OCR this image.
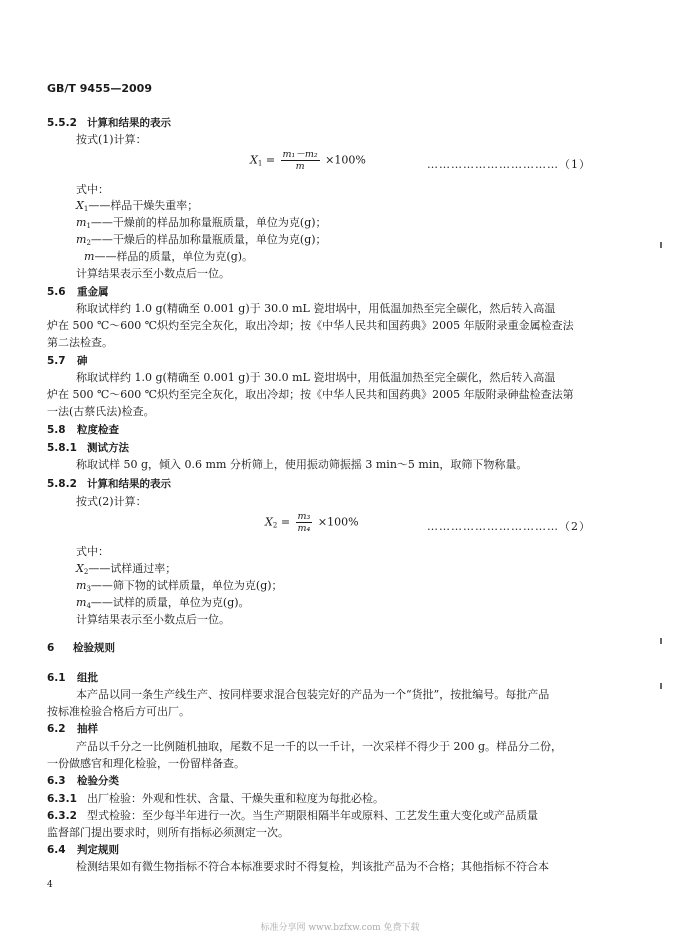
GB/T 9455—2009
5.5.2 计算和结果的表示
按式(1)计算：
$X_1 = \frac{\text{m₁－m₂}}{m} \times 100\%$	……………………………（1）
式中：
$X_1——$样品干燥失重率；
$m_1——$干燥前的样品加称量瓶质量，单位为克(g)；
$m_2——$干燥后的样品加称量瓶质量，单位为克(g)；
m——样品的质量，单位为克(g)。
计算结果表示至小数点后一位。
5.6 重金属
称取试样约 1.0 g(精确至 0.001 g)于 30.0 mL 瓷坩埚中，用低温加热至完全碳化，然后转入高温
炉在 500 ℃～600 ℃炽灼至完全灰化，取出冷却；按《中华人民共和国药典》2005 年版附录重金属检查法
第二法检查。
5.7 砷
称取试样约 1.0 g(精确至 0.001 g)于 30.0 mL 瓷坩埚中，用低温加热至完全碳化，然后转入高温
炉在 500 ℃～600 ℃炽灼至完全灰化，取出冷却；按《中华人民共和国药典》2005 年版附录砷盐检查法第
一法(古蔡氏法)检查。
5.8 粒度检查
5.8.1 测试方法
称取试样 50 g，倾入 0.6 mm 分析筛上，使用振动筛振摇 3 min～5 min，取筛下物称量。
5.8.2 计算和结果的表示
按式(2)计算：
$X_2 = \frac{\text{m₃}}{\text{m₄}} \times 100\%$	……………………………（2）
式中：
$X_2——$试样通过率；
$m_3——$筛下物的试样质量，单位为克(g)；
$m_4——$试样的质量，单位为克(g)。
计算结果表示至小数点后一位。
6 检验规则
6.1 组批
本产品以同一条生产线生产、按同样要求混合包装完好的产品为一个“货批”，按批编号。每批产品
按标准检验合格后方可出厂。
6.2 抽样
产品以千分之一比例随机抽取，尾数不足一千的以一千计，一次采样不得少于 200 g。样品分二份，
一份做感官和理化检验，一份留样备查。
6.3 检验分类
6.3.1 出厂检验：外观和性状、含量、干燥失重和粒度为每批必检。
6.3.2 型式检验：至少每半年进行一次。当生产期限相隔半年或原料、工艺发生重大变化或产品质量
监督部门提出要求时，则所有指标必须测定一次。
6.4 判定规则
检测结果如有微生物指标不符合本标准要求时不得复检，判该批产品为不合格；其他指标不符合本
4
标准分享网 www.bzfxw.com 免费下载
